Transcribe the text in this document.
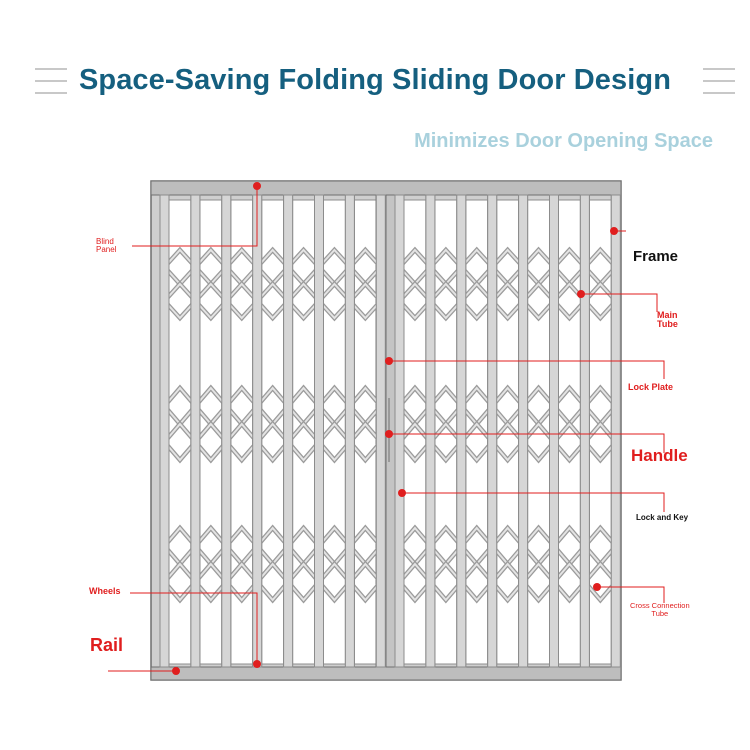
Space-Saving Folding Sliding Door Design
Minimizes Door Opening Space
Blind
Panel	Frame
Main
Tube
Lock Plate
Handle
Lock and Key
Wheels
Rail
Cross Connection
Tube
